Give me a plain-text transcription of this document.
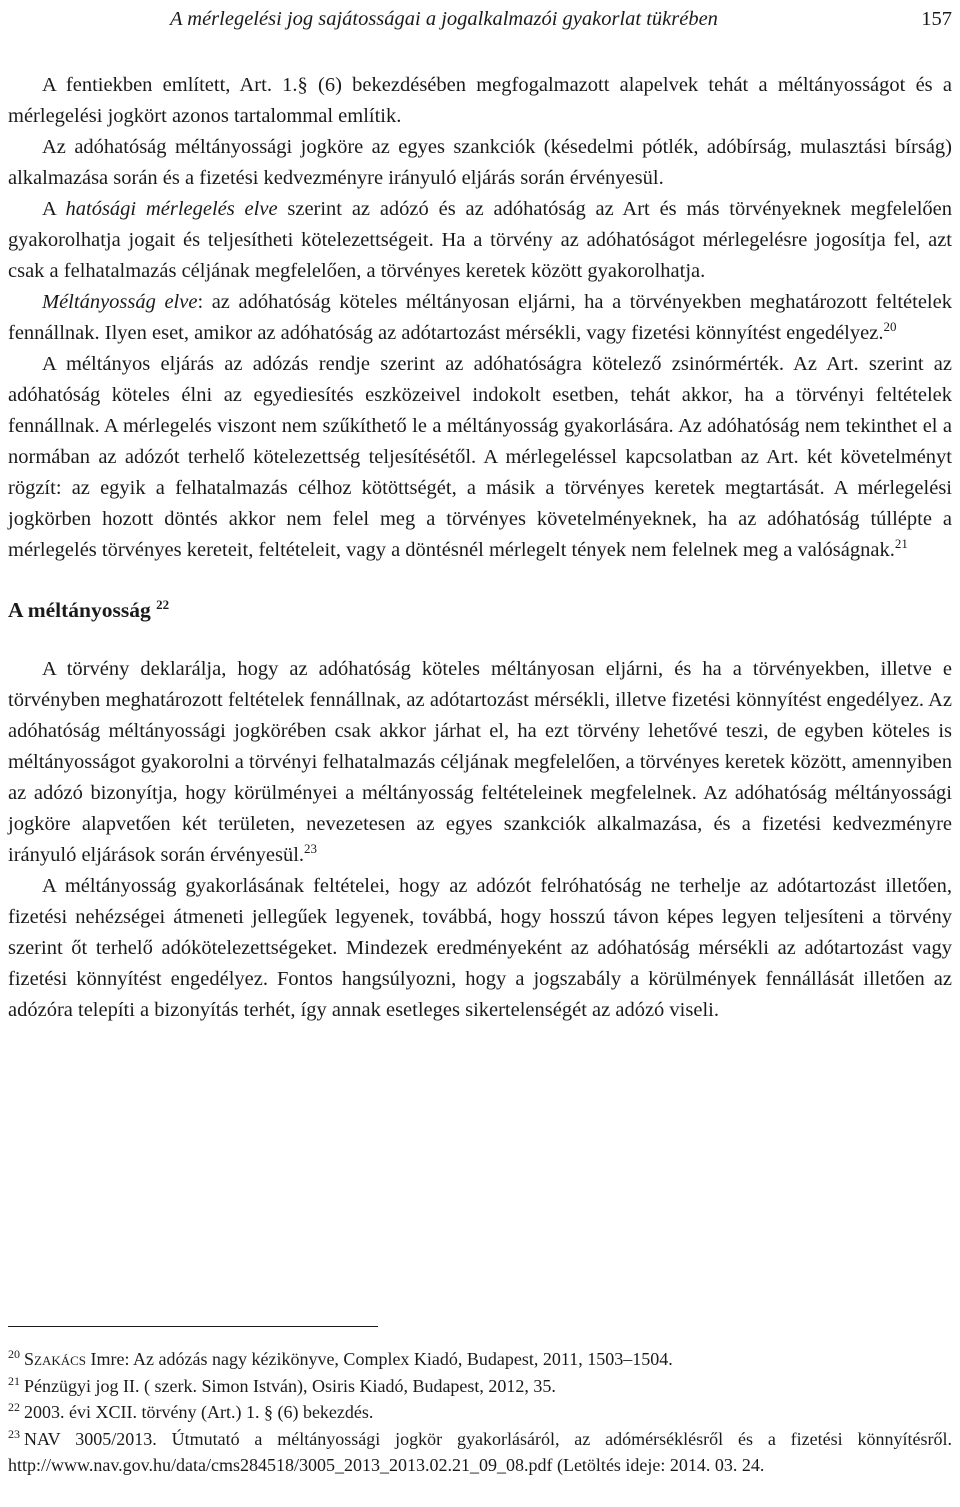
A mérlegelési jog sajátosságai a jogalkalmazói gyakorlat tükrében	157

A fentiekben említett, Art. 1.§ (6) bekezdésében megfogalmazott alapelvek tehát a méltányosságot és a mérlegelési jogkört azonos tartalommal említik.

Az adóhatóság méltányossági jogköre az egyes szankciók (késedelmi pótlék, adóbírság, mulasztási bírság) alkalmazása során és a fizetési kedvezményre irányuló eljárás során érvényesül.

A hatósági mérlegelés elve szerint az adózó és az adóhatóság az Art és más törvényeknek megfelelően gyakorolhatja jogait és teljesítheti kötelezettségeit. Ha a törvény az adóhatóságot mérlegelésre jogosítja fel, azt csak a felhatalmazás céljának megfelelően, a törvényes keretek között gyakorolhatja.

Méltányosság elve: az adóhatóság köteles méltányosan eljárni, ha a törvényekben meghatározott feltételek fennállnak. Ilyen eset, amikor az adóhatóság az adótartozást mérsékli, vagy fizetési könnyítést engedélyez.$^{20}$

A méltányos eljárás az adózás rendje szerint az adóhatóságra kötelező zsinórmérték. Az Art. szerint az adóhatóság köteles élni az egyediesítés eszközeivel indokolt esetben, tehát akkor, ha a törvényi feltételek fennállnak. A mérlegelés viszont nem szűkíthető le a méltányosság gyakorlására. Az adóhatóság nem tekinthet el a normában az adózót terhelő kötelezettség teljesítésétől. A mérlegeléssel kapcsolatban az Art. két követelményt rögzít: az egyik a felhatalmazás célhoz kötöttségét, a másik a törvényes keretek megtartását. A mérlegelési jogkörben hozott döntés akkor nem felel meg a törvényes követelményeknek, ha az adóhatóság túllépte a mérlegelés törvényes kereteit, feltételeit, vagy a döntésnél mérlegelt tények nem felelnek meg a valóságnak.$^{21}$

A méltányosság $^{22}$

A törvény deklarálja, hogy az adóhatóság köteles méltányosan eljárni, és ha a törvényekben, illetve e törvényben meghatározott feltételek fennállnak, az adótartozást mérsékli, illetve fizetési könnyítést engedélyez. Az adóhatóság méltányossági jogkörében csak akkor járhat el, ha ezt törvény lehetővé teszi, de egyben köteles is méltányosságot gyakorolni a törvényi felhatalmazás céljának megfelelően, a törvényes keretek között, amennyiben az adózó bizonyítja, hogy körülményei a méltányosság feltételeinek megfelelnek. Az adóhatóság méltányossági jogköre alapvetően két területen, nevezetesen az egyes szankciók alkalmazása, és a fizetési kedvezményre irányuló eljárások során érvényesül.$^{23}$

A méltányosság gyakorlásának feltételei, hogy az adózót felróhatóság ne terhelje az adótartozást illetően, fizetési nehézségei átmeneti jellegűek legyenek, továbbá, hogy hosszú távon képes legyen teljesíteni a törvény szerint őt terhelő adókötelezettségeket. Mindezek eredményeként az adóhatóság mérsékli az adótartozást vagy fizetési könnyítést engedélyez. Fontos hangsúlyozni, hogy a jogszabály a körülmények fennállását illetően az adózóra telepíti a bizonyítás terhét, így annak esetleges sikertelenségét az adózó viseli.

$^{20}$ Szakács Imre: Az adózás nagy kézikönyve, Complex Kiadó, Budapest, 2011, 1503–1504.

$^{21}$ Pénzügyi jog II. ( szerk. Simon István), Osiris Kiadó, Budapest, 2012, 35.

$^{22}$ 2003. évi XCII. törvény (Art.) 1. § (6) bekezdés.

$^{23}$ NAV 3005/2013. Útmutató a méltányossági jogkör gyakorlásáról, az adómérséklésről és a fizetési könnyítésről. http://www.nav.gov.hu/data/cms284518/3005_2013_2013.02.21_09_08.pdf (Letöltés ideje: 2014. 03. 24.
